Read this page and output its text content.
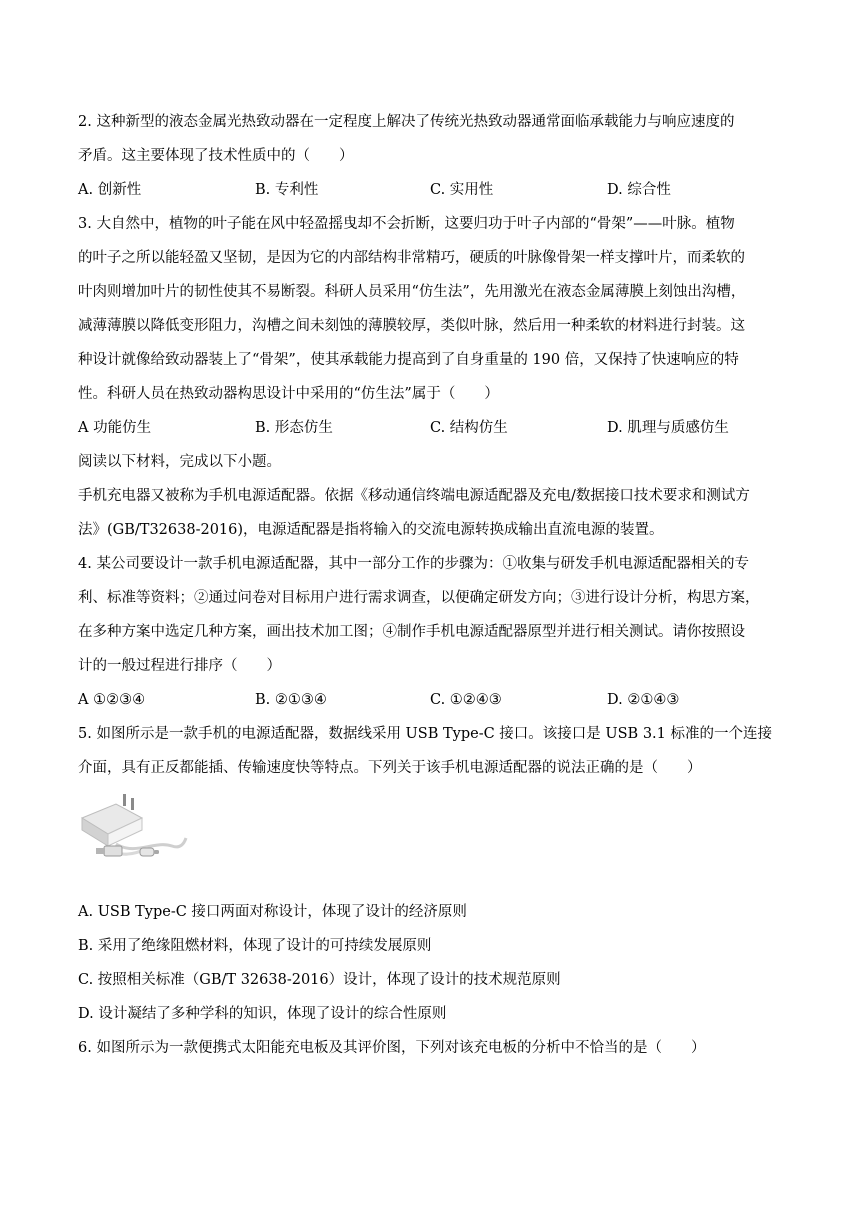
2. 这种新型的液态金属光热致动器在一定程度上解决了传统光热致动器通常面临承载能力与响应速度的
矛盾。这主要体现了技术性质中的（　　）
A. 创新性	B. 专利性	C. 实用性	D. 综合性
3. 大自然中，植物的叶子能在风中轻盈摇曳却不会折断，这要归功于叶子内部的“骨架”——叶脉。植物
的叶子之所以能轻盈又坚韧，是因为它的内部结构非常精巧，硬质的叶脉像骨架一样支撑叶片，而柔软的
叶肉则增加叶片的韧性使其不易断裂。科研人员采用“仿生法”，先用激光在液态金属薄膜上刻蚀出沟槽，
减薄薄膜以降低变形阻力，沟槽之间未刻蚀的薄膜较厚，类似叶脉，然后用一种柔软的材料进行封装。这
种设计就像给致动器装上了“骨架”，使其承载能力提高到了自身重量的 190 倍，又保持了快速响应的特
性。科研人员在热致动器构思设计中采用的“仿生法”属于（　　）
A 功能仿生	B. 形态仿生	C. 结构仿生	D. 肌理与质感仿生
阅读以下材料，完成以下小题。
手机充电器又被称为手机电源适配器。依据《移动通信终端电源适配器及充电/数据接口技术要求和测试方
法》(GB/T32638-2016)，电源适配器是指将输入的交流电源转换成输出直流电源的装置。
4. 某公司要设计一款手机电源适配器，其中一部分工作的步骤为：①收集与研发手机电源适配器相关的专
利、标准等资料；②通过问卷对目标用户进行需求调查，以便确定研发方向；③进行设计分析，构思方案，
在多种方案中选定几种方案，画出技术加工图；④制作手机电源适配器原型并进行相关测试。请你按照设
计的一般过程进行排序（　　）
A ①②③④	B. ②①③④	C. ①②④③	D. ②①④③
5. 如图所示是一款手机的电源适配器，数据线采用 USB Type-C 接口。该接口是 USB 3.1 标准的一个连接
介面，具有正反都能插、传输速度快等特点。下列关于该手机电源适配器的说法正确的是（　　）
A. USB Type-C 接口两面对称设计，体现了设计的经济原则
B. 采用了绝缘阻燃材料，体现了设计的可持续发展原则
C. 按照相关标准（GB/T 32638-2016）设计，体现了设计的技术规范原则
D. 设计凝结了多种学科的知识，体现了设计的综合性原则
6. 如图所示为一款便携式太阳能充电板及其评价图，下列对该充电板的分析中不恰当的是（　　）
